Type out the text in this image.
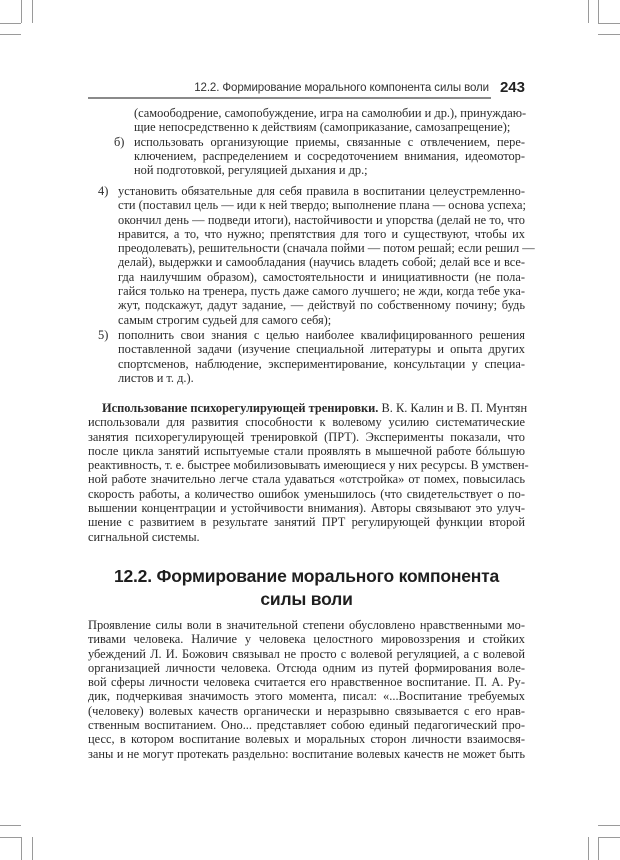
12.2. Формирование морального компонента силы воли 243
(самоободрение, самопобуждение, игра на самолюбии и др.), принуждаю-
щие непосредственно к действиям (самоприказание, самозапрещение);
б) использовать организующие приемы, связанные с отвлечением, пере-
ключением, распределением и сосредоточением внимания, идеомотор-
ной подготовкой, регуляцией дыхания и др.;
4) установить обязательные для себя правила в воспитании целеустремленно-
сти (поставил цель — иди к ней твердо; выполнение плана — основа успеха;
окончил день — подведи итоги), настойчивости и упорства (делай не то, что
нравится, а то, что нужно; препятствия для того и существуют, чтобы их
преодолевать), решительности (сначала пойми — потом решай; если решил —
делай), выдержки и самообладания (научись владеть собой; делай все и все-
гда наилучшим образом), самостоятельности и инициативности (не пола-
гайся только на тренера, пусть даже самого лучшего; не жди, когда тебе ука-
жут, подскажут, дадут задание, — действуй по собственному почину; будь
самым строгим судьей для самого себя);
5) пополнить свои знания с целью наиболее квалифицированного решения
поставленной задачи (изучение специальной литературы и опыта других
спортсменов, наблюдение, экспериментирование, консультации у специа-
листов и т. д.).
Использование психорегулирующей тренировки. В. К. Калин и В. П. Мунтян
использовали для развития способности к волевому усилию систематические
занятия психорегулирующей тренировкой (ПРТ). Эксперименты показали, что
после цикла занятий испытуемые стали проявлять в мышечной работе бóльшую
реактивность, т. е. быстрее мобилизовывать имеющиеся у них ресурсы. В умствен-
ной работе значительно легче стала удаваться «отстройка» от помех, повысилась
скорость работы, а количество ошибок уменьшилось (что свидетельствует о по-
вышении концентрации и устойчивости внимания). Авторы связывают это улуч-
шение с развитием в результате занятий ПРТ регулирующей функции второй
сигнальной системы.
12.2. Формирование морального компонента
силы воли
Проявление силы воли в значительной степени обусловлено нравственными мо-
тивами человека. Наличие у человека целостного мировоззрения и стойких
убеждений Л. И. Божович связывал не просто с волевой регуляцией, а с волевой
организацией личности человека. Отсюда одним из путей формирования воле-
вой сферы личности человека считается его нравственное воспитание. П. А. Ру-
дик, подчеркивая значимость этого момента, писал: «...Воспитание требуемых
(человеку) волевых качеств органически и неразрывно связывается с его нрав-
ственным воспитанием. Оно... представляет собою единый педагогический про-
цесс, в котором воспитание волевых и моральных сторон личности взаимосвя-
заны и не могут протекать раздельно: воспитание волевых качеств не может быть
